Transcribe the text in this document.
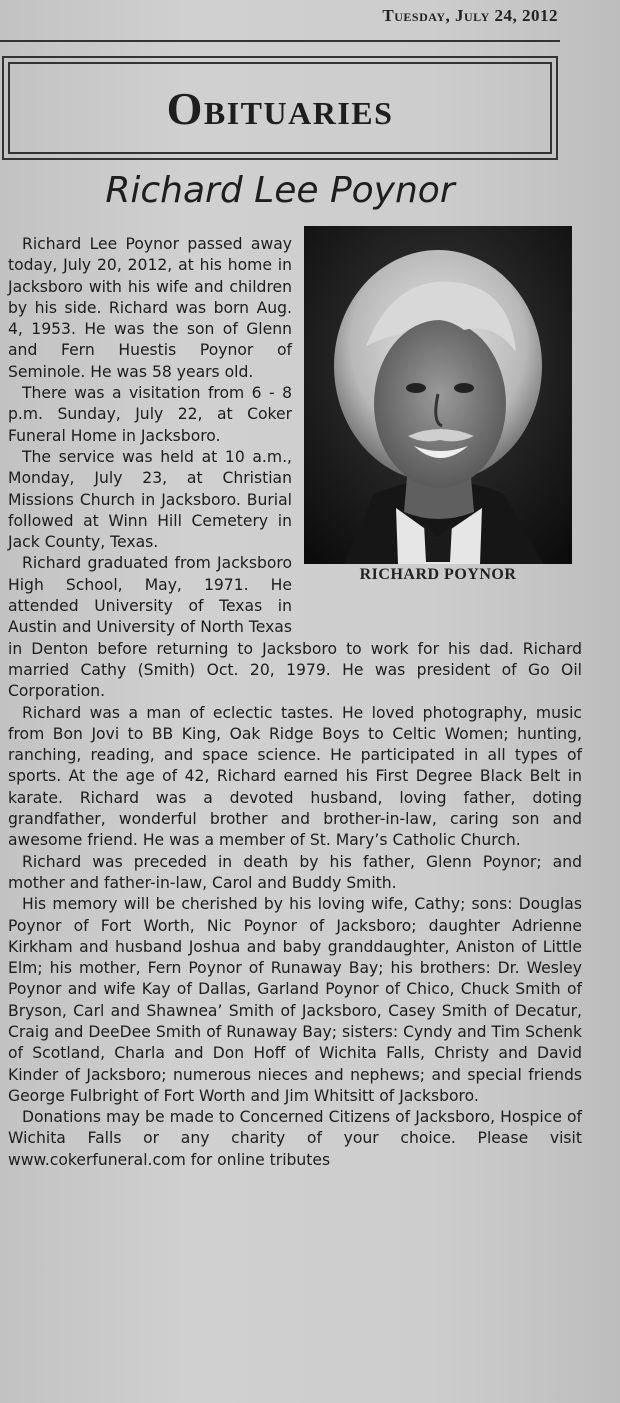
Tuesday, July 24, 2012
Obituaries
Richard Lee Poynor
RICHARD POYNOR

Richard Lee Poynor passed away today, July 20, 2012, at his home in Jacksboro with his wife and children by his side. Richard was born Aug. 4, 1953. He was the son of Glenn and Fern Huestis Poynor of Seminole. He was 58 years old.

There was a visitation from 6 - 8 p.m. Sunday, July 22, at Coker Funeral Home in Jacksboro.

The service was held at 10 a.m., Monday, July 23, at Christian Missions Church in Jacksboro. Burial followed at Winn Hill Cemetery in Jack County, Texas.

Richard graduated from Jacksboro High School, May, 1971. He attended University of Texas in Austin and University of North Texas in Denton before returning to Jacksboro to work for his dad. Richard married Cathy (Smith) Oct. 20, 1979. He was president of Go Oil Corporation.

Richard was a man of eclectic tastes. He loved photography, music from Bon Jovi to BB King, Oak Ridge Boys to Celtic Women; hunting, ranching, reading, and space science. He participated in all types of sports. At the age of 42, Richard earned his First Degree Black Belt in karate. Richard was a devoted husband, loving father, doting grandfather, wonderful brother and brother-in-law, caring son and awesome friend. He was a member of St. Mary’s Catholic Church.

Richard was preceded in death by his father, Glenn Poynor; and mother and father-in-law, Carol and Buddy Smith.

His memory will be cherished by his loving wife, Cathy; sons: Douglas Poynor of Fort Worth, Nic Poynor of Jacksboro; daughter Adrienne Kirkham and husband Joshua and baby granddaughter, Aniston of Little Elm; his mother, Fern Poynor of Runaway Bay; his brothers: Dr. Wesley Poynor and wife Kay of Dallas, Garland Poynor of Chico, Chuck Smith of Bryson, Carl and Shawnea’ Smith of Jacksboro, Casey Smith of Decatur, Craig and DeeDee Smith of Runaway Bay; sisters: Cyndy and Tim Schenk of Scotland, Charla and Don Hoff of Wichita Falls, Christy and David Kinder of Jacksboro; numerous nieces and nephews; and special friends George Fulbright of Fort Worth and Jim Whitsitt of Jacksboro.

Donations may be made to Concerned Citizens of Jacksboro, Hospice of Wichita Falls or any charity of your choice. Please visit www.cokerfuneral.com for online tributes
